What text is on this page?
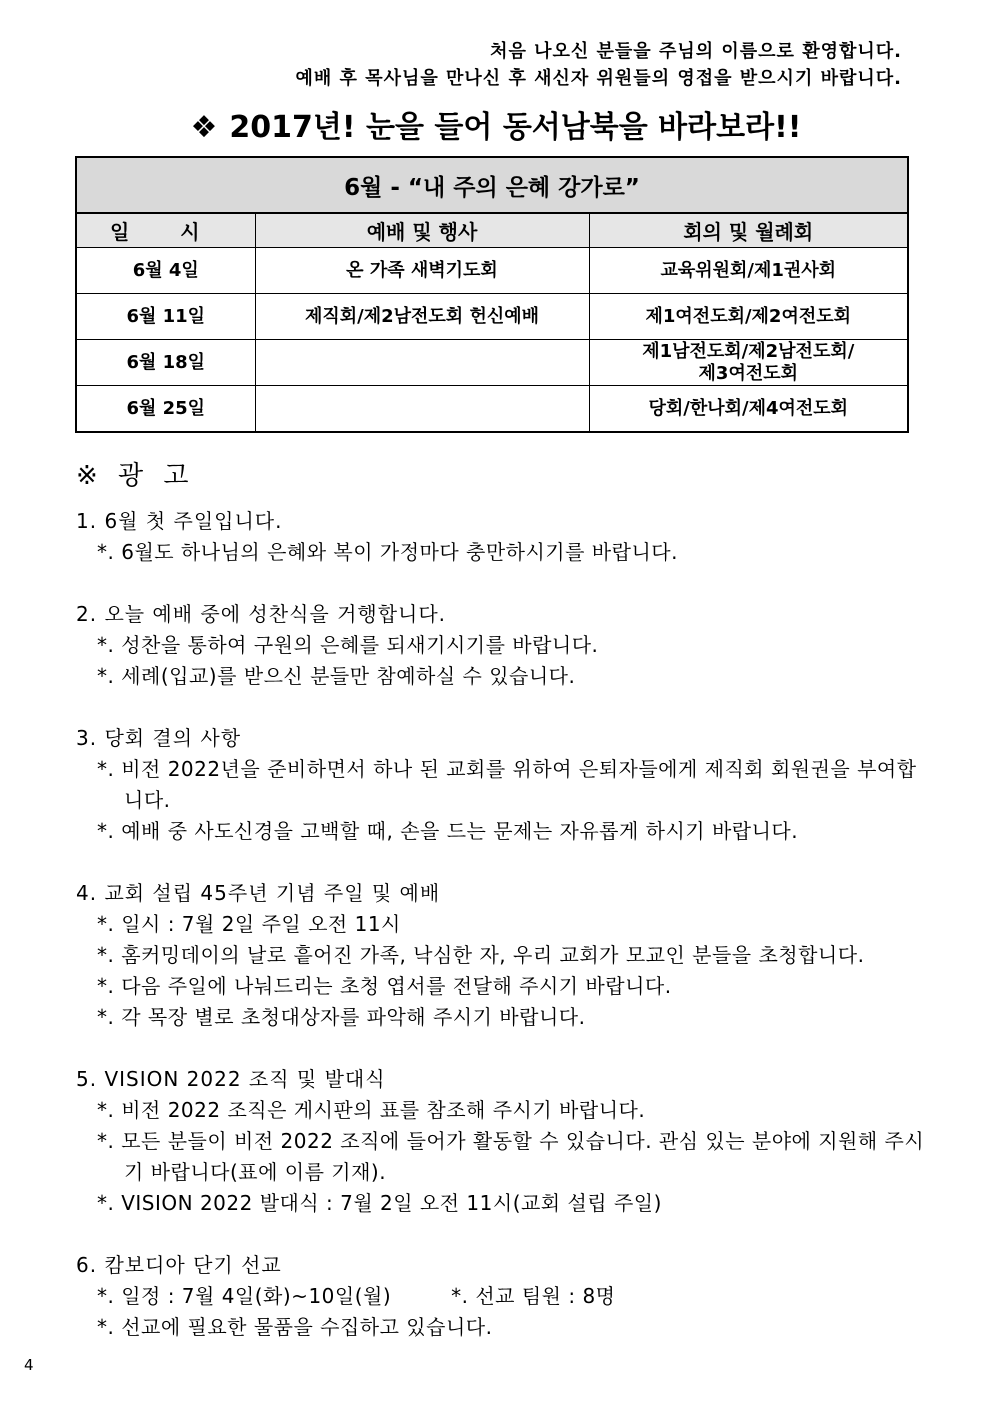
처음 나오신 분들을 주님의 이름으로 환영합니다.
예배 후 목사님을 만나신 후 새신자 위원들의 영접을 받으시기 바랍니다.
❖ 2017년! 눈을 들어 동서남북을 바라보라!!
6월 - “내 주의 은혜 강가로”		
일 시	예배 및 행사	회의 및 월례회
6월 4일	온 가족 새벽기도회	교육위원회/제1권사회

6월 11일	제직회/제2남전도회 헌신예배	제1여전도회/제2여전도회

6월 18일		제1남전도회/제2남전도회/
제3여전도회

6월 25일		당회/한나회/제4여전도회
※ 광 고
1. 6월 첫 주일입니다.
*. 6월도 하나님의 은혜와 복이 가정마다 충만하시기를 바랍니다.
2. 오늘 예배 중에 성찬식을 거행합니다.
*. 성찬을 통하여 구원의 은혜를 되새기시기를 바랍니다.
*. 세례(입교)를 받으신 분들만 참예하실 수 있습니다.
3. 당회 결의 사항
*. 비전 2022년을 준비하면서 하나 된 교회를 위하여 은퇴자들에게 제직회 회원권을 부여합니다.
*. 예배 중 사도신경을 고백할 때, 손을 드는 문제는 자유롭게 하시기 바랍니다.
4. 교회 설립 45주년 기념 주일 및 예배
*. 일시 : 7월 2일 주일 오전 11시
*. 홈커밍데이의 날로 흩어진 가족, 낙심한 자, 우리 교회가 모교인 분들을 초청합니다.
*. 다음 주일에 나눠드리는 초청 엽서를 전달해 주시기 바랍니다.
*. 각 목장 별로 초청대상자를 파악해 주시기 바랍니다.
5. VISION 2022 조직 및 발대식
*. 비전 2022 조직은 게시판의 표를 참조해 주시기 바랍니다.
*. 모든 분들이 비전 2022 조직에 들어가 활동할 수 있습니다. 관심 있는 분야에 지원해 주시기 바랍니다(표에 이름 기재).
*. VISION 2022 발대식 : 7월 2일 오전 11시(교회 설립 주일)
6. 캄보디아 단기 선교
*. 일정 : 7월 4일(화)~10일(월)	*. 선교 팀원 : 8명
*. 선교에 필요한 물품을 수집하고 있습니다.
4
